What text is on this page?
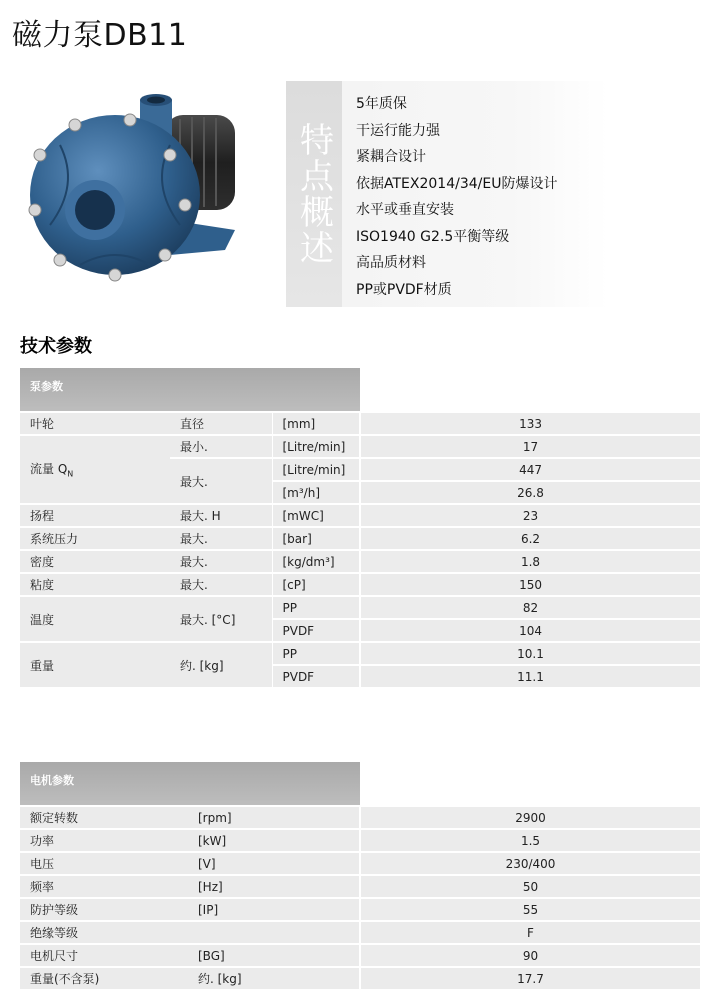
磁力泵DB11
特点概述
5年质保
干运行能力强
紧耦合设计
依据ATEX2014/34/EU防爆设计
水平或垂直安装
ISO1940 G2.5平衡等级
高品质材料
PP或PVDF材质
技术参数
泵参数			DB11
叶轮	直径	[mm]	133
流量 $Q_N$	最小.	[Litre/min]	17
	最大.	[Litre/min]	447
		[m³/h]	26.8
扬程	最大. H	[mWC]	23
系统压力	最大.	[bar]	6.2
密度	最大.	[kg/dm³]	1.8
粘度	最大.	[cP]	150
温度	最大. [°C]	PP	82
		PVDF	104
重量	约. [kg]	PP	10.1
		PVDF	11.1
电机参数		DB11
额定转数	[rpm]	2900
功率	[kW]	1.5
电压	[V]	230/400
频率	[Hz]	50
防护等级	[IP]	55
绝缘等级		F
电机尺寸	[BG]	90
重量(不含泵)	约. [kg]	17.7
